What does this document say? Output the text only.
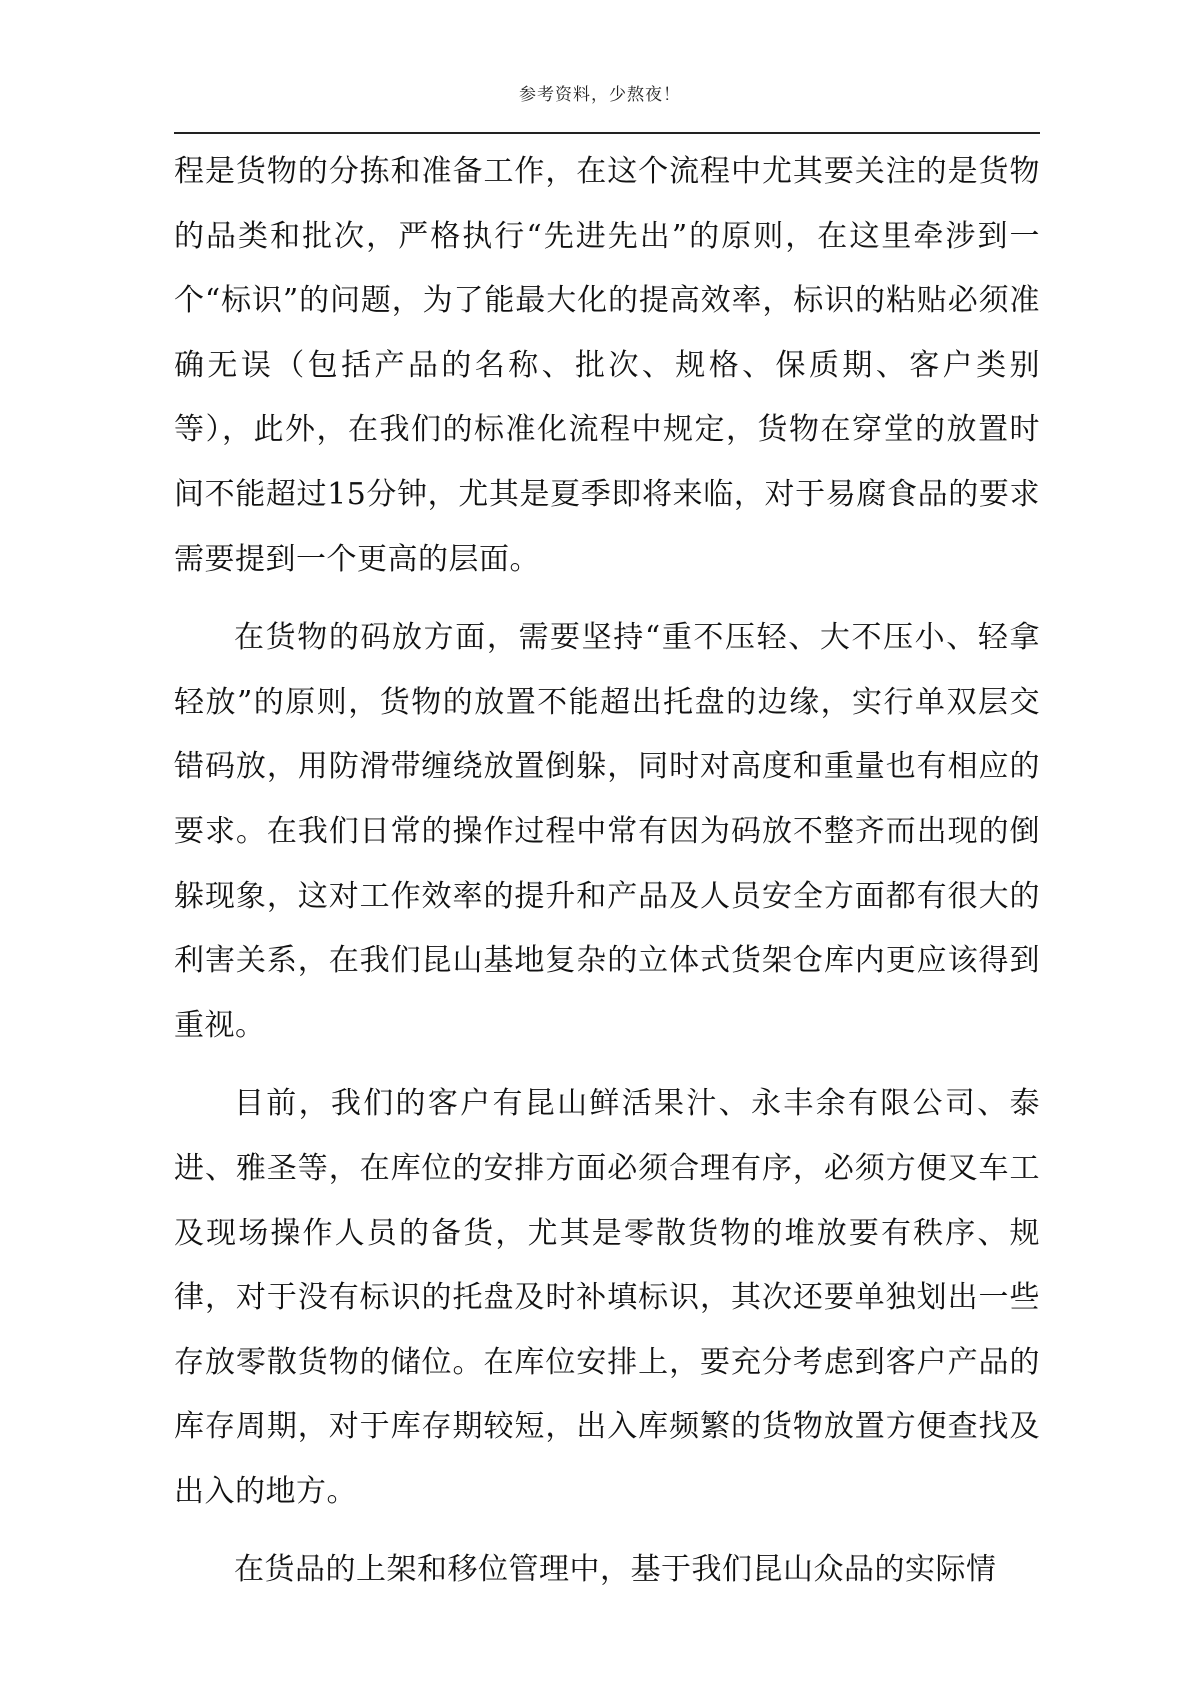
参考资料，少熬夜！

程是货物的分拣和准备工作，在这个流程中尤其要关注的是货物的品类和批次，严格执行“先进先出”的原则，在这里牵涉到一个“标识”的问题，为了能最大化的提高效率，标识的粘贴必须准确无误（包括产品的名称、批次、规格、保质期、客户类别等），此外，在我们的标准化流程中规定，货物在穿堂的放置时间不能超过15分钟，尤其是夏季即将来临，对于易腐食品的要求需要提到一个更高的层面。

在货物的码放方面，需要坚持“重不压轻、大不压小、轻拿轻放”的原则，货物的放置不能超出托盘的边缘，实行单双层交错码放，用防滑带缠绕放置倒躲，同时对高度和重量也有相应的要求。在我们日常的操作过程中常有因为码放不整齐而出现的倒躲现象，这对工作效率的提升和产品及人员安全方面都有很大的利害关系，在我们昆山基地复杂的立体式货架仓库内更应该得到重视。

目前，我们的客户有昆山鲜活果汁、永丰余有限公司、泰进、雅圣等，在库位的安排方面必须合理有序，必须方便叉车工及现场操作人员的备货，尤其是零散货物的堆放要有秩序、规律，对于没有标识的托盘及时补填标识，其次还要单独划出一些存放零散货物的储位。在库位安排上，要充分考虑到客户产品的库存周期，对于库存期较短，出入库频繁的货物放置方便查找及出入的地方。

在货品的上架和移位管理中，基于我们昆山众品的实际情
